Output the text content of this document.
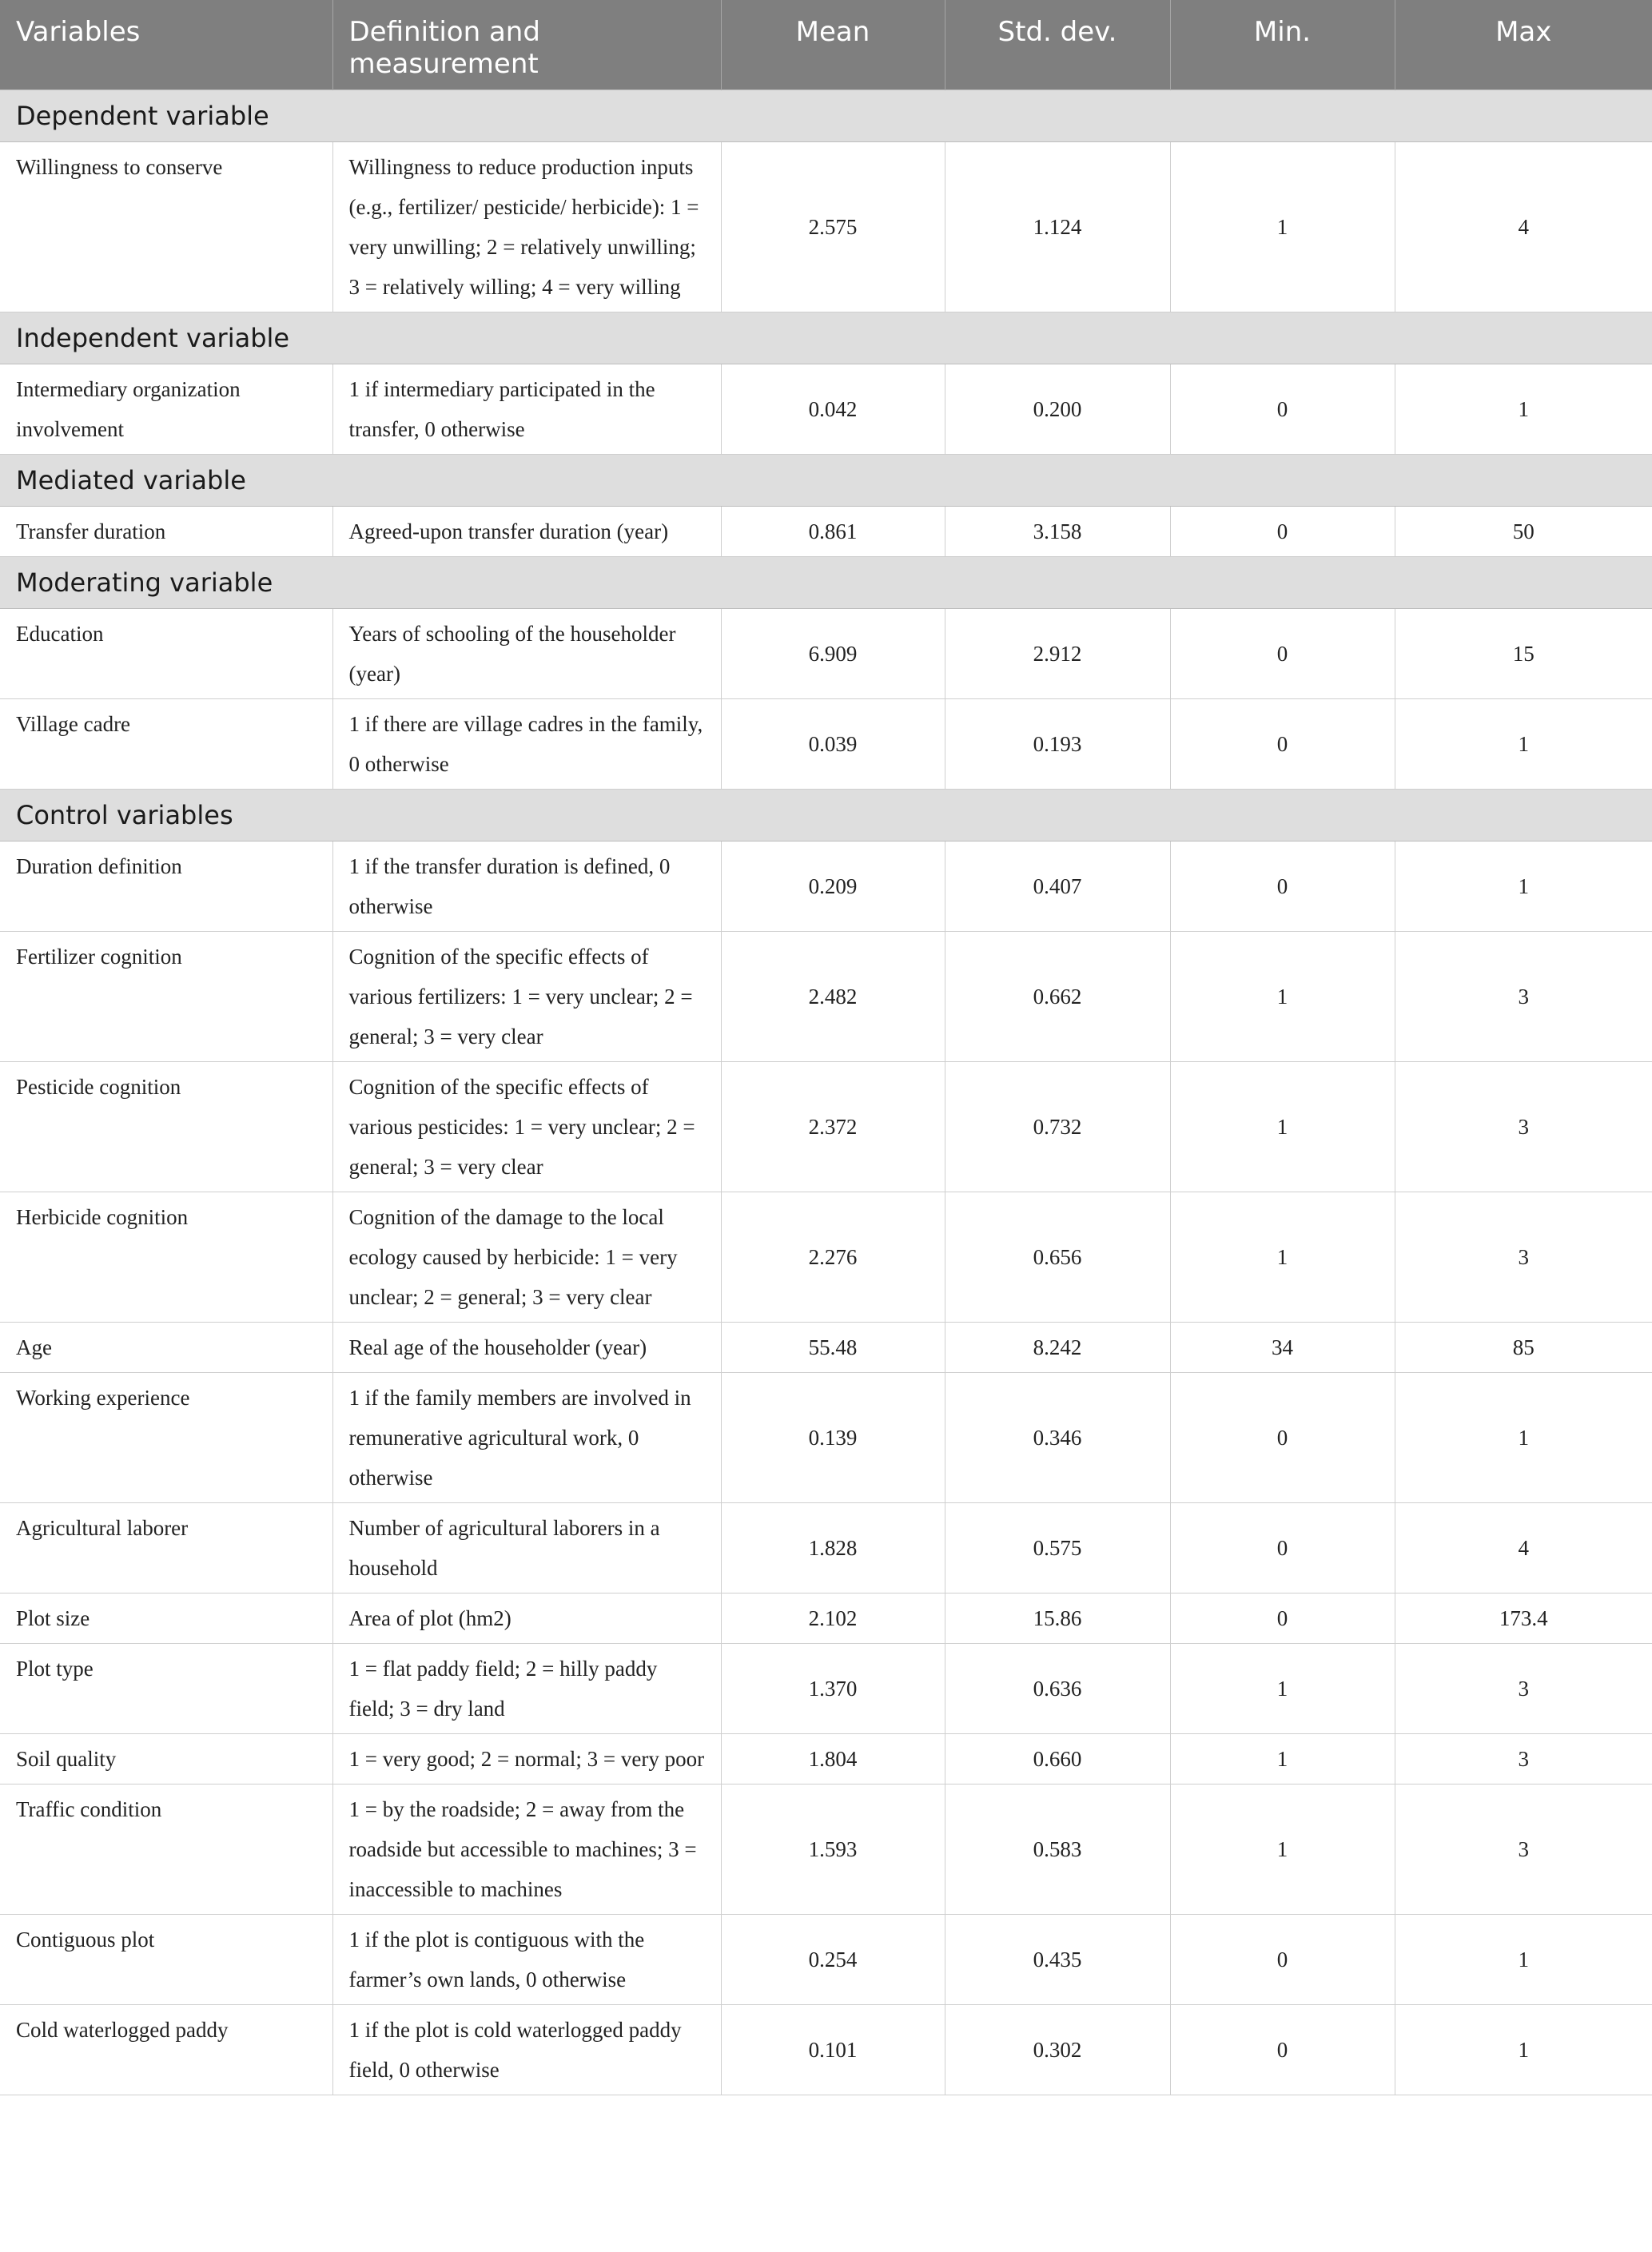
Variables	Definition and measurement	Mean	Std. dev.	Min.	Max
Dependent variable					
Willingness to conserve	Willingness to reduce production inputs (e.g., fertilizer/ pesticide/ herbicide): 1 = very unwilling; 2 = relatively unwilling; 3 = relatively willing; 4 = very willing	2.575	1.124	1	4
Independent variable					
Intermediary organization involvement	1 if intermediary participated in the transfer, 0 otherwise	0.042	0.200	0	1
Mediated variable					
Transfer duration	Agreed-upon transfer duration (year)	0.861	3.158	0	50
Moderating variable					
Education	Years of schooling of the householder (year)	6.909	2.912	0	15
Village cadre	1 if there are village cadres in the family, 0 otherwise	0.039	0.193	0	1
Control variables					
Duration definition	1 if the transfer duration is defined, 0 otherwise	0.209	0.407	0	1
Fertilizer cognition	Cognition of the specific effects of various fertilizers: 1 = very unclear; 2 = general; 3 = very clear	2.482	0.662	1	3
Pesticide cognition	Cognition of the specific effects of various pesticides: 1 = very unclear; 2 = general; 3 = very clear	2.372	0.732	1	3
Herbicide cognition	Cognition of the damage to the local ecology caused by herbicide: 1 = very unclear; 2 = general; 3 = very clear	2.276	0.656	1	3
Age	Real age of the householder (year)	55.48	8.242	34	85
Working experience	1 if the family members are involved in remunerative agricultural work, 0 otherwise	0.139	0.346	0	1
Agricultural laborer	Number of agricultural laborers in a household	1.828	0.575	0	4
Plot size	Area of plot (hm2)	2.102	15.86	0	173.4
Plot type	1 = flat paddy field; 2 = hilly paddy field; 3 = dry land	1.370	0.636	1	3
Soil quality	1 = very good; 2 = normal; 3 = very poor	1.804	0.660	1	3
Traffic condition	1 = by the roadside; 2 = away from the roadside but accessible to machines; 3 = inaccessible to machines	1.593	0.583	1	3
Contiguous plot	1 if the plot is contiguous with the farmer’s own lands, 0 otherwise	0.254	0.435	0	1
Cold waterlogged paddy	1 if the plot is cold waterlogged paddy field, 0 otherwise	0.101	0.302	0	1
